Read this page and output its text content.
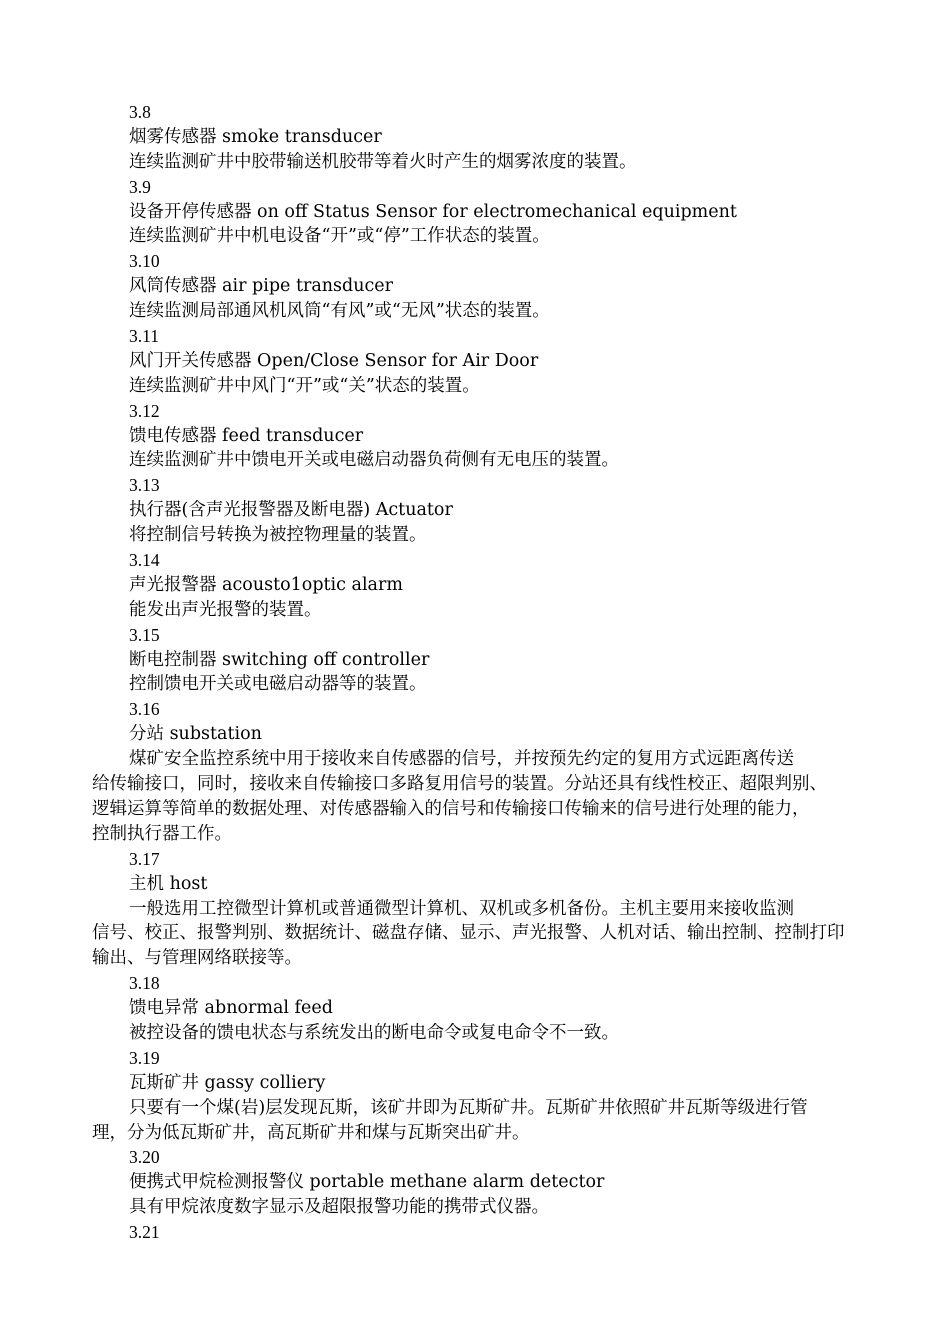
3.8
烟雾传感器 smoke transducer
连续监测矿井中胶带输送机胶带等着火时产生的烟雾浓度的装置。
3.9
设备开停传感器 on off Status Sensor for electromechanical equipment
连续监测矿井中机电设备“开”或“停”工作状态的装置。
3.10
风筒传感器 air pipe transducer
连续监测局部通风机风筒“有风”或“无风”状态的装置。
3.11
风门开关传感器 Open/Close Sensor for Air Door
连续监测矿井中风门“开”或“关”状态的装置。
3.12
馈电传感器 feed transducer
连续监测矿井中馈电开关或电磁启动器负荷侧有无电压的装置。
3.13
执行器(含声光报警器及断电器) Actuator
将控制信号转换为被控物理量的装置。
3.14
声光报警器 acousto1optic alarm
能发出声光报警的装置。
3.15
断电控制器 switching off controller
控制馈电开关或电磁启动器等的装置。
3.16
分站 substation
煤矿安全监控系统中用于接收来自传感器的信号，并按预先约定的复用方式远距离传送
给传输接口，同时，接收来自传输接口多路复用信号的装置。分站还具有线性校正、超限判别、
逻辑运算等简单的数据处理、对传感器输入的信号和传输接口传输来的信号进行处理的能力，
控制执行器工作。
3.17
主机 host
一般选用工控微型计算机或普通微型计算机、双机或多机备份。主机主要用来接收监测
信号、校正、报警判别、数据统计、磁盘存储、显示、声光报警、人机对话、输出控制、控制打印
输出、与管理网络联接等。
3.18
馈电异常 abnormal feed
被控设备的馈电状态与系统发出的断电命令或复电命令不一致。
3.19
瓦斯矿井 gassy colliery
只要有一个煤(岩)层发现瓦斯，该矿井即为瓦斯矿井。瓦斯矿井依照矿井瓦斯等级进行管
理，分为低瓦斯矿井，高瓦斯矿井和煤与瓦斯突出矿井。
3.20
便携式甲烷检测报警仪 portable methane alarm detector
具有甲烷浓度数字显示及超限报警功能的携带式仪器。
3.21
